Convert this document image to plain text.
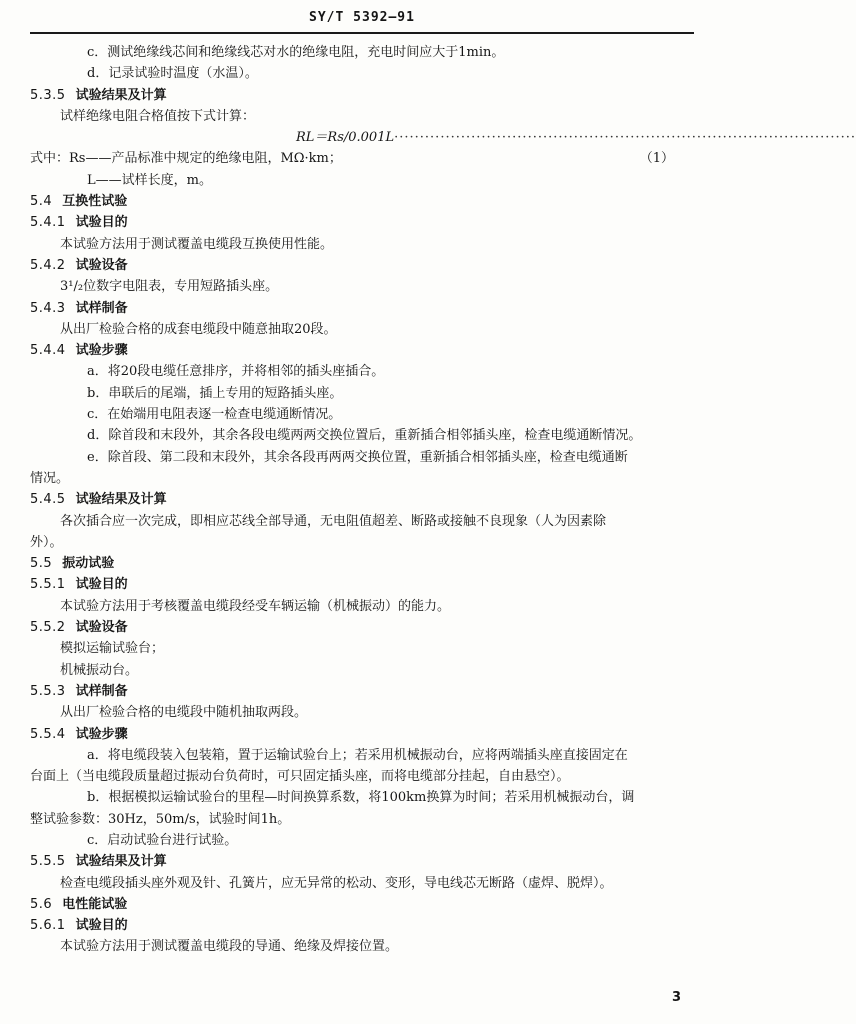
SY/T 5392—91
c．测试绝缘线芯间和绝缘线芯对水的绝缘电阻，充电时间应大于1min。
d．记录试验时温度（水温）。
5.3.5 试验结果及计算
试样绝缘电阻合格值按下式计算：
RL＝Rs/0.001L··························································································
（1）
式中：Rs——产品标准中规定的绝缘电阻，MΩ·km；
L——试样长度，m。
5.4 互换性试验
5.4.1 试验目的
本试验方法用于测试覆盖电缆段互换使用性能。
5.4.2 试验设备
3¹/₂位数字电阻表，专用短路插头座。
5.4.3 试样制备
从出厂检验合格的成套电缆段中随意抽取20段。
5.4.4 试验步骤
a．将20段电缆任意排序，并将相邻的插头座插合。
b．串联后的尾端，插上专用的短路插头座。
c．在始端用电阻表逐一检查电缆通断情况。
d．除首段和末段外，其余各段电缆两两交换位置后，重新插合相邻插头座，检查电缆通断情况。
e．除首段、第二段和末段外，其余各段再两两交换位置，重新插合相邻插头座，检查电缆通断
情况。
5.4.5 试验结果及计算
各次插合应一次完成，即相应芯线全部导通，无电阻值超差、断路或接触不良现象（人为因素除
外）。
5.5 振动试验
5.5.1 试验目的
本试验方法用于考核覆盖电缆段经受车辆运输（机械振动）的能力。
5.5.2 试验设备
模拟运输试验台；
机械振动台。
5.5.3 试样制备
从出厂检验合格的电缆段中随机抽取两段。
5.5.4 试验步骤
a．将电缆段装入包装箱，置于运输试验台上；若采用机械振动台，应将两端插头座直接固定在
台面上（当电缆段质量超过振动台负荷时，可只固定插头座，而将电缆部分挂起，自由悬空）。
b．根据模拟运输试验台的里程—时间换算系数，将100km换算为时间；若采用机械振动台，调
整试验参数：30Hz，50m/s，试验时间1h。
c．启动试验台进行试验。
5.5.5 试验结果及计算
检查电缆段插头座外观及针、孔簧片，应无异常的松动、变形，导电线芯无断路（虚焊、脱焊）。
5.6 电性能试验
5.6.1 试验目的
本试验方法用于测试覆盖电缆段的导通、绝缘及焊接位置。
3
